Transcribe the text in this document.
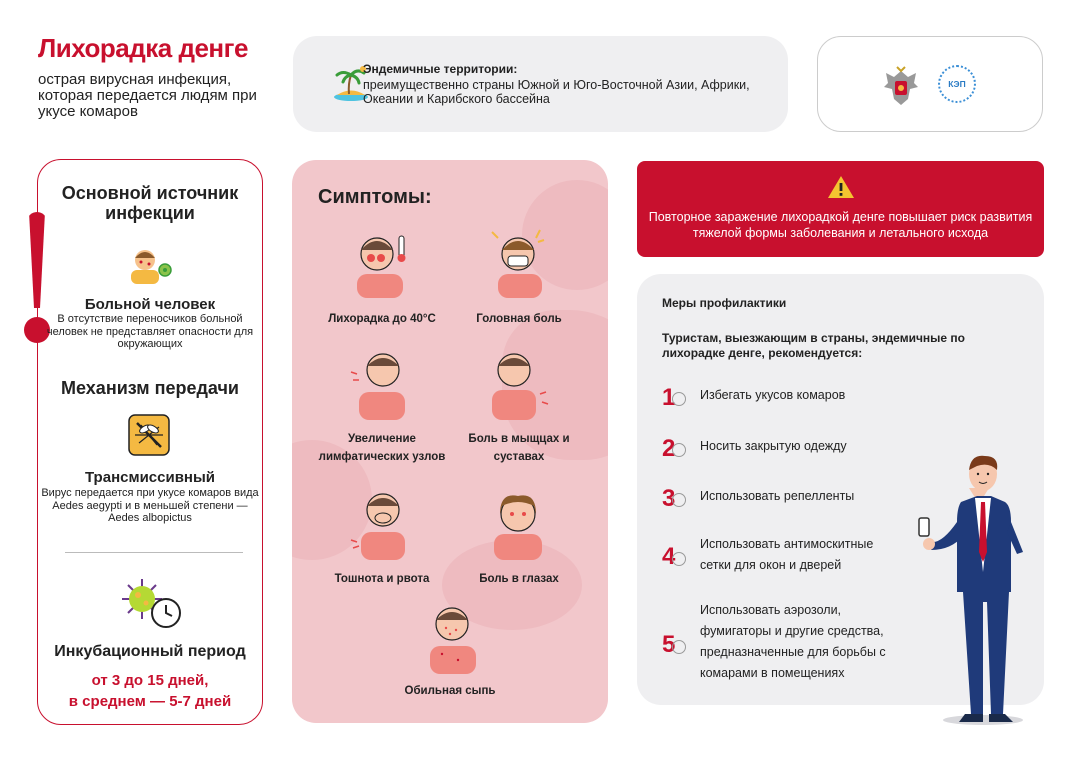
Лихорадка денге
острая вирусная инфекция, которая передается людям при укусе комаров
Эндемичные территории:
преимущественно страны Южной и Юго-Восточной Азии, Африки, Океании и Карибского бассейна
КЭП
Основной источник инфекции
Больной человек
В отсутствие переносчиков больной человек не представляет опасности для окружающих
Механизм передачи
Трансмиссивный
Вирус передается при укусе комаров вида Aedes aegypti и в меньшей степени — Aedes albopictus
Инкубационный период
от 3 до 15 дней,
в среднем — 5-7 дней
Симптомы:
Лихорадка до 40°С	Головная боль
Увеличение лимфатических узлов
Боль в мыщцах и суставах
Тошнота и рвота	Боль в глазах
Обильная сыпь
Повторное заражение лихорадкой денге повышает риск развития тяжелой формы заболевания и летального исхода
Меры профилактики
Туристам, выезжающим в страны, эндемичные по лихорадке денге, рекомендуется:
1 Избегать укусов комаров
2 Носить закрытую одежду
3 Использовать репелленты
4 Использовать антимоскитные сетки для окон и дверей
5
Использовать аэрозоли, фумигаторы и другие средства, предназначенные для борьбы с комарами в помещениях
